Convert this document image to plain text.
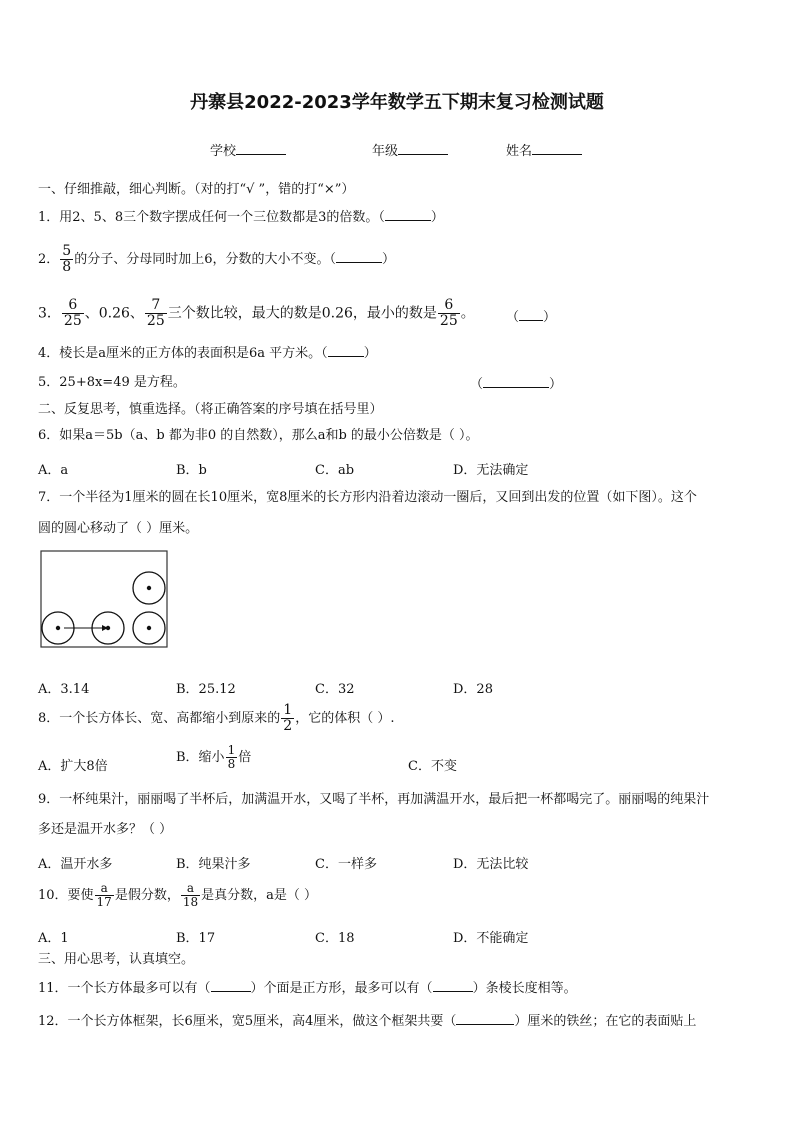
丹寨县2022-2023学年数学五下期末复习检测试题
学校	年级	姓名
一、仔细推敲，细心判断。（对的打“√ ”，错的打“×”）
1．用2、5、8三个数字摆成任何一个三位数都是3的倍数。（	）
2． $\frac{5}{8}$ 的分子、分母同时加上6，分数的大小不变。（	）
3． $\frac{6}{25}$ 、0.26、 $\frac{7}{25}$ 三个数比较，最大的数是0.26，最小的数是 $\frac{6}{25}$ 。 （ ）
4．棱长是a厘米的正方体的表面积是6a 平方米。（	）
5．25+8x=49 是方程。	（	）
二、反复思考，慎重选择。（将正确答案的序号填在括号里）
6．如果a＝5b（a、b 都为非0 的自然数），那么a和b 的最小公倍数是（ ）。
A．a	B．b	C．ab	D．无法确定
7．一个半径为1厘米的圆在长10厘米，宽8厘米的长方形内沿着边滚动一圈后，又回到出发的位置（如下图）。这个
圆的圆心移动了（ ）厘米。
A．3.14	B．25.12	C．32	D．28
8．一个长方体长、宽、高都缩小到原来的 $\frac{1}{2}$ ，它的体积（ ）.
A．扩大8倍
B．缩小 $\frac{1}{8}$ 倍
C．不变
9．一杯纯果汁，丽丽喝了半杯后，加满温开水，又喝了半杯，再加满温开水，最后把一杯都喝完了。丽丽喝的纯果汁
多还是温开水多？（ ）
A．温开水多	B．纯果汁多	C．一样多	D．无法比较
10．要使 $\frac{a}{17}$ 是假分数， $\frac{a}{18}$ 是真分数，a是（ ）
A．1	B．17	C．18	D．不能确定
三、用心思考，认真填空。
11．一个长方体最多可以有（	）个面是正方形，最多可以有（	）条棱长度相等。
12．一个长方体框架，长6厘米，宽5厘米，高4厘米，做这个框架共要（	）厘米的铁丝；在它的表面贴上
